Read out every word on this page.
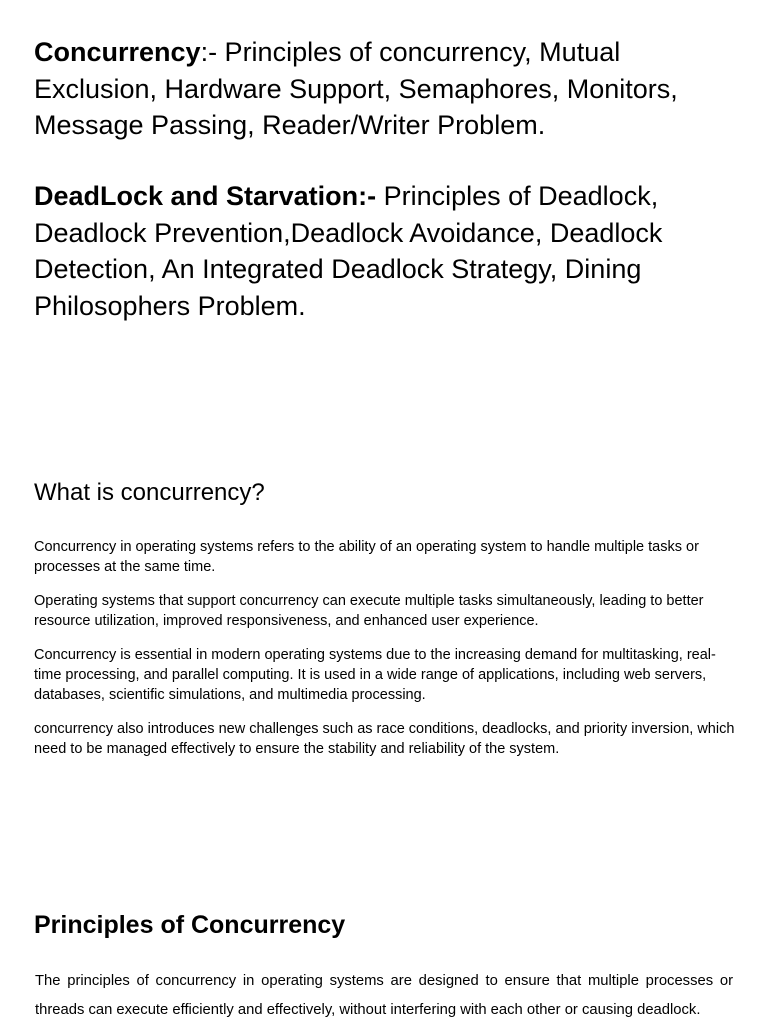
Concurrency:- Principles of concurrency, Mutual Exclusion, Hardware Support, Semaphores, Monitors, Message Passing, Reader/Writer Problem.

DeadLock and Starvation:- Principles of Deadlock, Deadlock Prevention,Deadlock Avoidance, Deadlock Detection, An Integrated Deadlock Strategy, Dining Philosophers Problem.

What is concurrency?

Concurrency in operating systems refers to the ability of an operating system to handle multiple tasks or processes at the same time.

Operating systems that support concurrency can execute multiple tasks simultaneously, leading to better resource utilization, improved responsiveness, and enhanced user experience.

Concurrency is essential in modern operating systems due to the increasing demand for multitasking, real-time processing, and parallel computing. It is used in a wide range of applications, including web servers, databases, scientific simulations, and multimedia processing.

concurrency also introduces new challenges such as race conditions, deadlocks, and priority inversion, which need to be managed effectively to ensure the stability and reliability of the system.

Principles of Concurrency

The principles of concurrency in operating systems are designed to ensure that multiple processes or threads can execute efficiently and effectively, without interfering with each other or causing deadlock.
